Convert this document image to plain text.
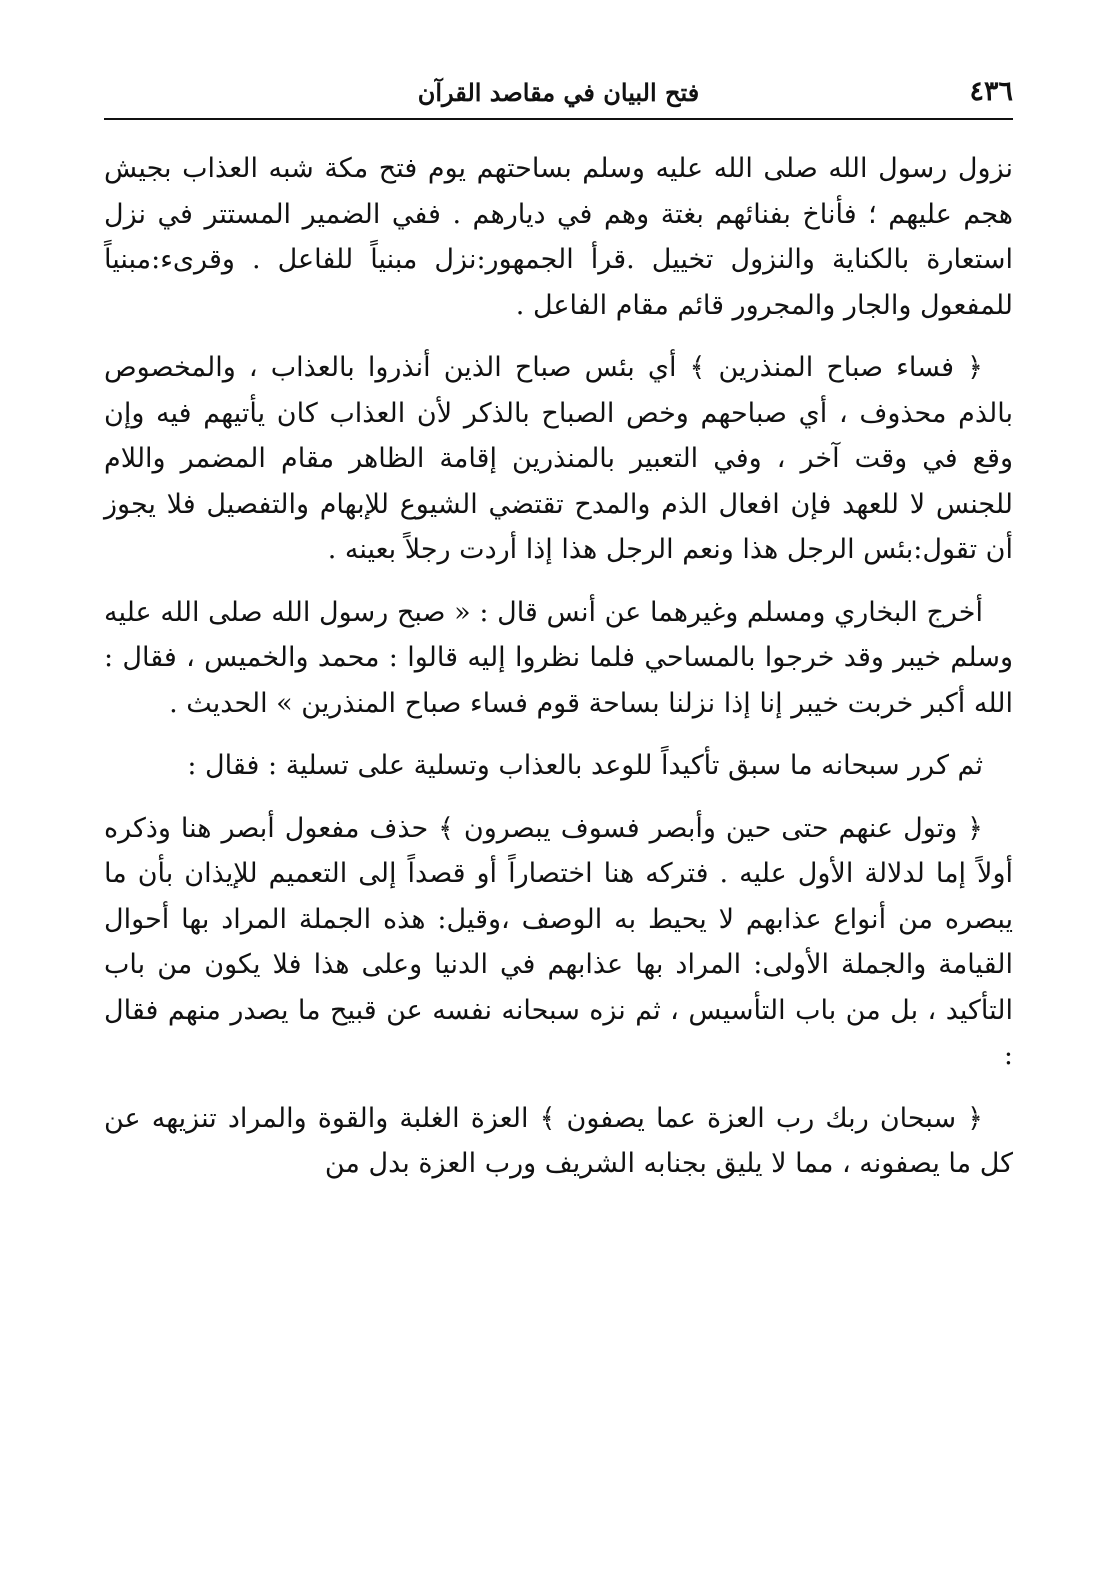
٤٣٦
فتح البيان في مقاصد القرآن

نزول رسول الله صلى الله عليه وسلم بساحتهم يوم فتح مكة شبه العذاب بجيش هجم عليهم ؛ فأناخ بفنائهم بغتة وهم في ديارهم . ففي الضمير المستتر في نزل استعارة بالكناية والنزول تخييل .قرأ الجمهور:نزل مبنياً للفاعل . وقرىء:مبنياً للمفعول والجار والمجرور قائم مقام الفاعل .

﴿ فساء صباح المنذرين ﴾ أي بئس صباح الذين أنذروا بالعذاب ، والمخصوص بالذم محذوف ، أي صباحهم وخص الصباح بالذكر لأن العذاب كان يأتيهم فيه وإن وقع في وقت آخر ، وفي التعبير بالمنذرين إقامة الظاهر مقام المضمر واللام للجنس لا للعهد فإن افعال الذم والمدح تقتضي الشيوع للإبهام والتفصيل فلا يجوز أن تقول:بئس الرجل هذا ونعم الرجل هذا إذا أردت رجلاً بعينه .

أخرج البخاري ومسلم وغيرهما عن أنس قال : « صبح رسول الله صلى الله عليه وسلم خيبر وقد خرجوا بالمساحي فلما نظروا إليه قالوا : محمد والخميس ، فقال : الله أكبر خربت خيبر إنا إذا نزلنا بساحة قوم فساء صباح المنذرين » الحديث .

ثم كرر سبحانه ما سبق تأكيداً للوعد بالعذاب وتسلية على تسلية : فقال :

﴿ وتول عنهم حتى حين وأبصر فسوف يبصرون ﴾ حذف مفعول أبصر هنا وذكره أولاً إما لدلالة الأول عليه . فتركه هنا اختصاراً أو قصداً إلى التعميم للإيذان بأن ما يبصره من أنواع عذابهم لا يحيط به الوصف ،وقيل: هذه الجملة المراد بها أحوال القيامة والجملة الأولى: المراد بها عذابهم في الدنيا وعلى هذا فلا يكون من باب التأكيد ، بل من باب التأسيس ، ثم نزه سبحانه نفسه عن قبيح ما يصدر منهم فقال :

﴿ سبحان ربك رب العزة عما يصفون ﴾ العزة الغلبة والقوة والمراد تنزيهه عن كل ما يصفونه ، مما لا يليق بجنابه الشريف ورب العزة بدل من
